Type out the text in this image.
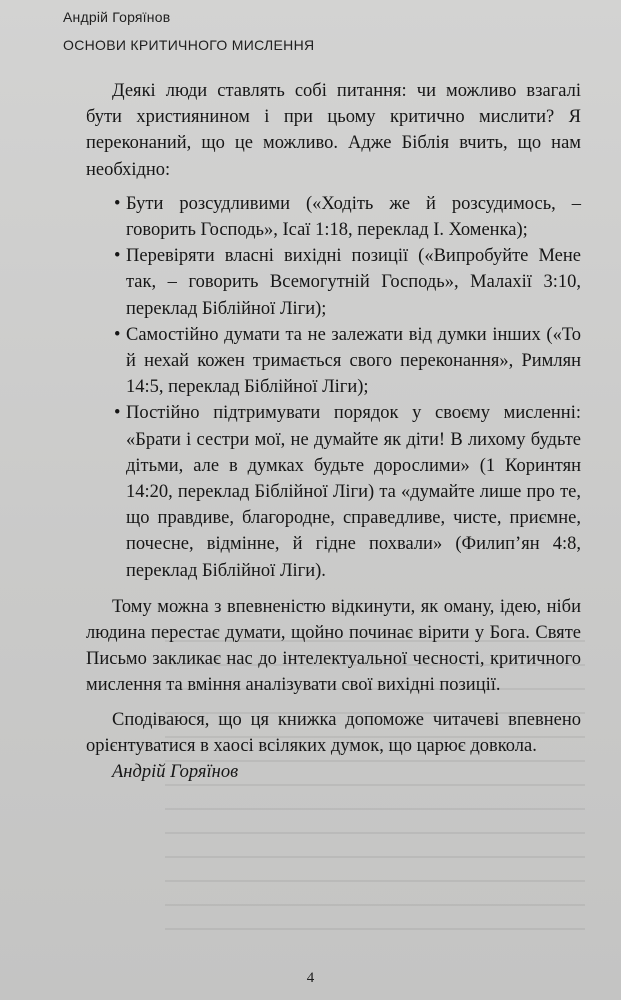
Андрій Горяїнов
ОСНОВИ КРИТИЧНОГО МИСЛЕННЯ

Деякі люди ставлять собі питання: чи можливо взагалі бути християнином і при цьому критично мислити? Я переконаний, що це можливо. Адже Біблія вчить, що нам необхідно:

• Бути розсудливими («Ходіть же й розсудимось, – говорить Господь», Ісаї 1:18, переклад І. Хоменка);
• Перевіряти власні вихідні позиції («Випробуйте Мене так, – говорить Всемогутній Господь», Малахії 3:10, переклад Біблійної Ліги);
• Самостійно думати та не залежати від думки інших («То й нехай кожен тримається свого переконання», Римлян 14:5, переклад Біблійної Ліги);
• Постійно підтримувати порядок у своєму мисленні: «Брати і сестри мої, не думайте як діти! В лихому будьте дітьми, але в думках будьте дорослими» (1 Коринтян 14:20, переклад Біблійної Ліги) та «думайте лише про те, що правдиве, благородне, справедливе, чисте, приємне, почесне, відмінне, й гідне похвали» (Филип’ян 4:8, переклад Біблійної Ліги).

Тому можна з впевненістю відкинути, як оману, ідею, ніби людина перестає думати, щойно починає вірити у Бога. Святе Письмо закликає нас до інтелектуальної чесності, критичного мислення та вміння аналізувати свої вихідні позиції.

Сподіваюся, що ця книжка допоможе читачеві впевнено орієнтуватися в хаосі всіляких думок, що царює довкола.

Андрій Горяїнов

4
